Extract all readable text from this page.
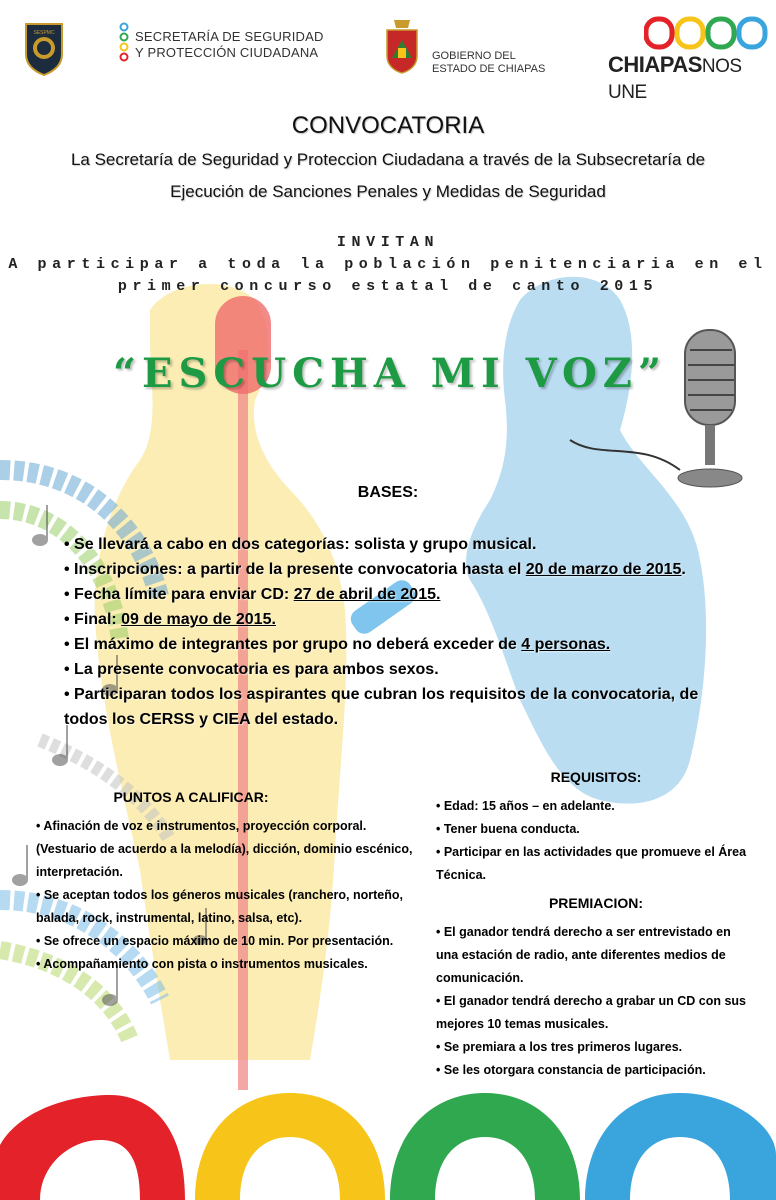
SESPMC	SECRETARÍA DE SEGURIDAD
Y PROTECCIÓN CIUDADANA	GOBIERNO DEL
ESTADO DE CHIAPAS	CHIAPASNOS UNE
CONVOCATORIA
La Secretaría de Seguridad y Proteccion Ciudadana a través de la Subsecretaría de
Ejecución de Sanciones Penales y Medidas de Seguridad
INVITAN
A participar a toda la población penitenciaria en el
primer concurso estatal de canto 2015
“ESCUCHA MI VOZ”
BASES:

• Se llevará a cabo en dos categorías: solista y grupo musical.

• Inscripciones: a partir de la presente convocatoria hasta el 20 de marzo de 2015.

• Fecha límite para enviar CD: 27 de abril de 2015.

• Final: 09 de mayo de 2015.

• El máximo de integrantes por grupo no deberá exceder de 4 personas.

• La presente convocatoria es para ambos sexos.

• Participaran todos los aspirantes que cubran los requisitos de la convocatoria, de todos los CERSS y CIEA del estado.

PUNTOS A CALIFICAR:

• Afinación de voz e instrumentos, proyección corporal. (Vestuario de acuerdo a la melodía), dicción, dominio escénico, interpretación.

• Se aceptan todos los géneros musicales (ranchero, norteño, balada, rock, instrumental, latino, salsa, etc).

• Se ofrece un espacio máximo de 10 min. Por presentación.

• Acompañamiento con pista o instrumentos musicales.

REQUISITOS:

• Edad: 15 años – en adelante.

• Tener buena conducta.

• Participar en las actividades que promueve el Área Técnica.

PREMIACION:

• El ganador tendrá derecho a ser entrevistado en una estación de radio, ante diferentes medios de comunicación.

• El ganador tendrá derecho a grabar un CD con sus mejores 10 temas musicales.

• Se premiara a los tres primeros lugares.

• Se les otorgara constancia de participación.
